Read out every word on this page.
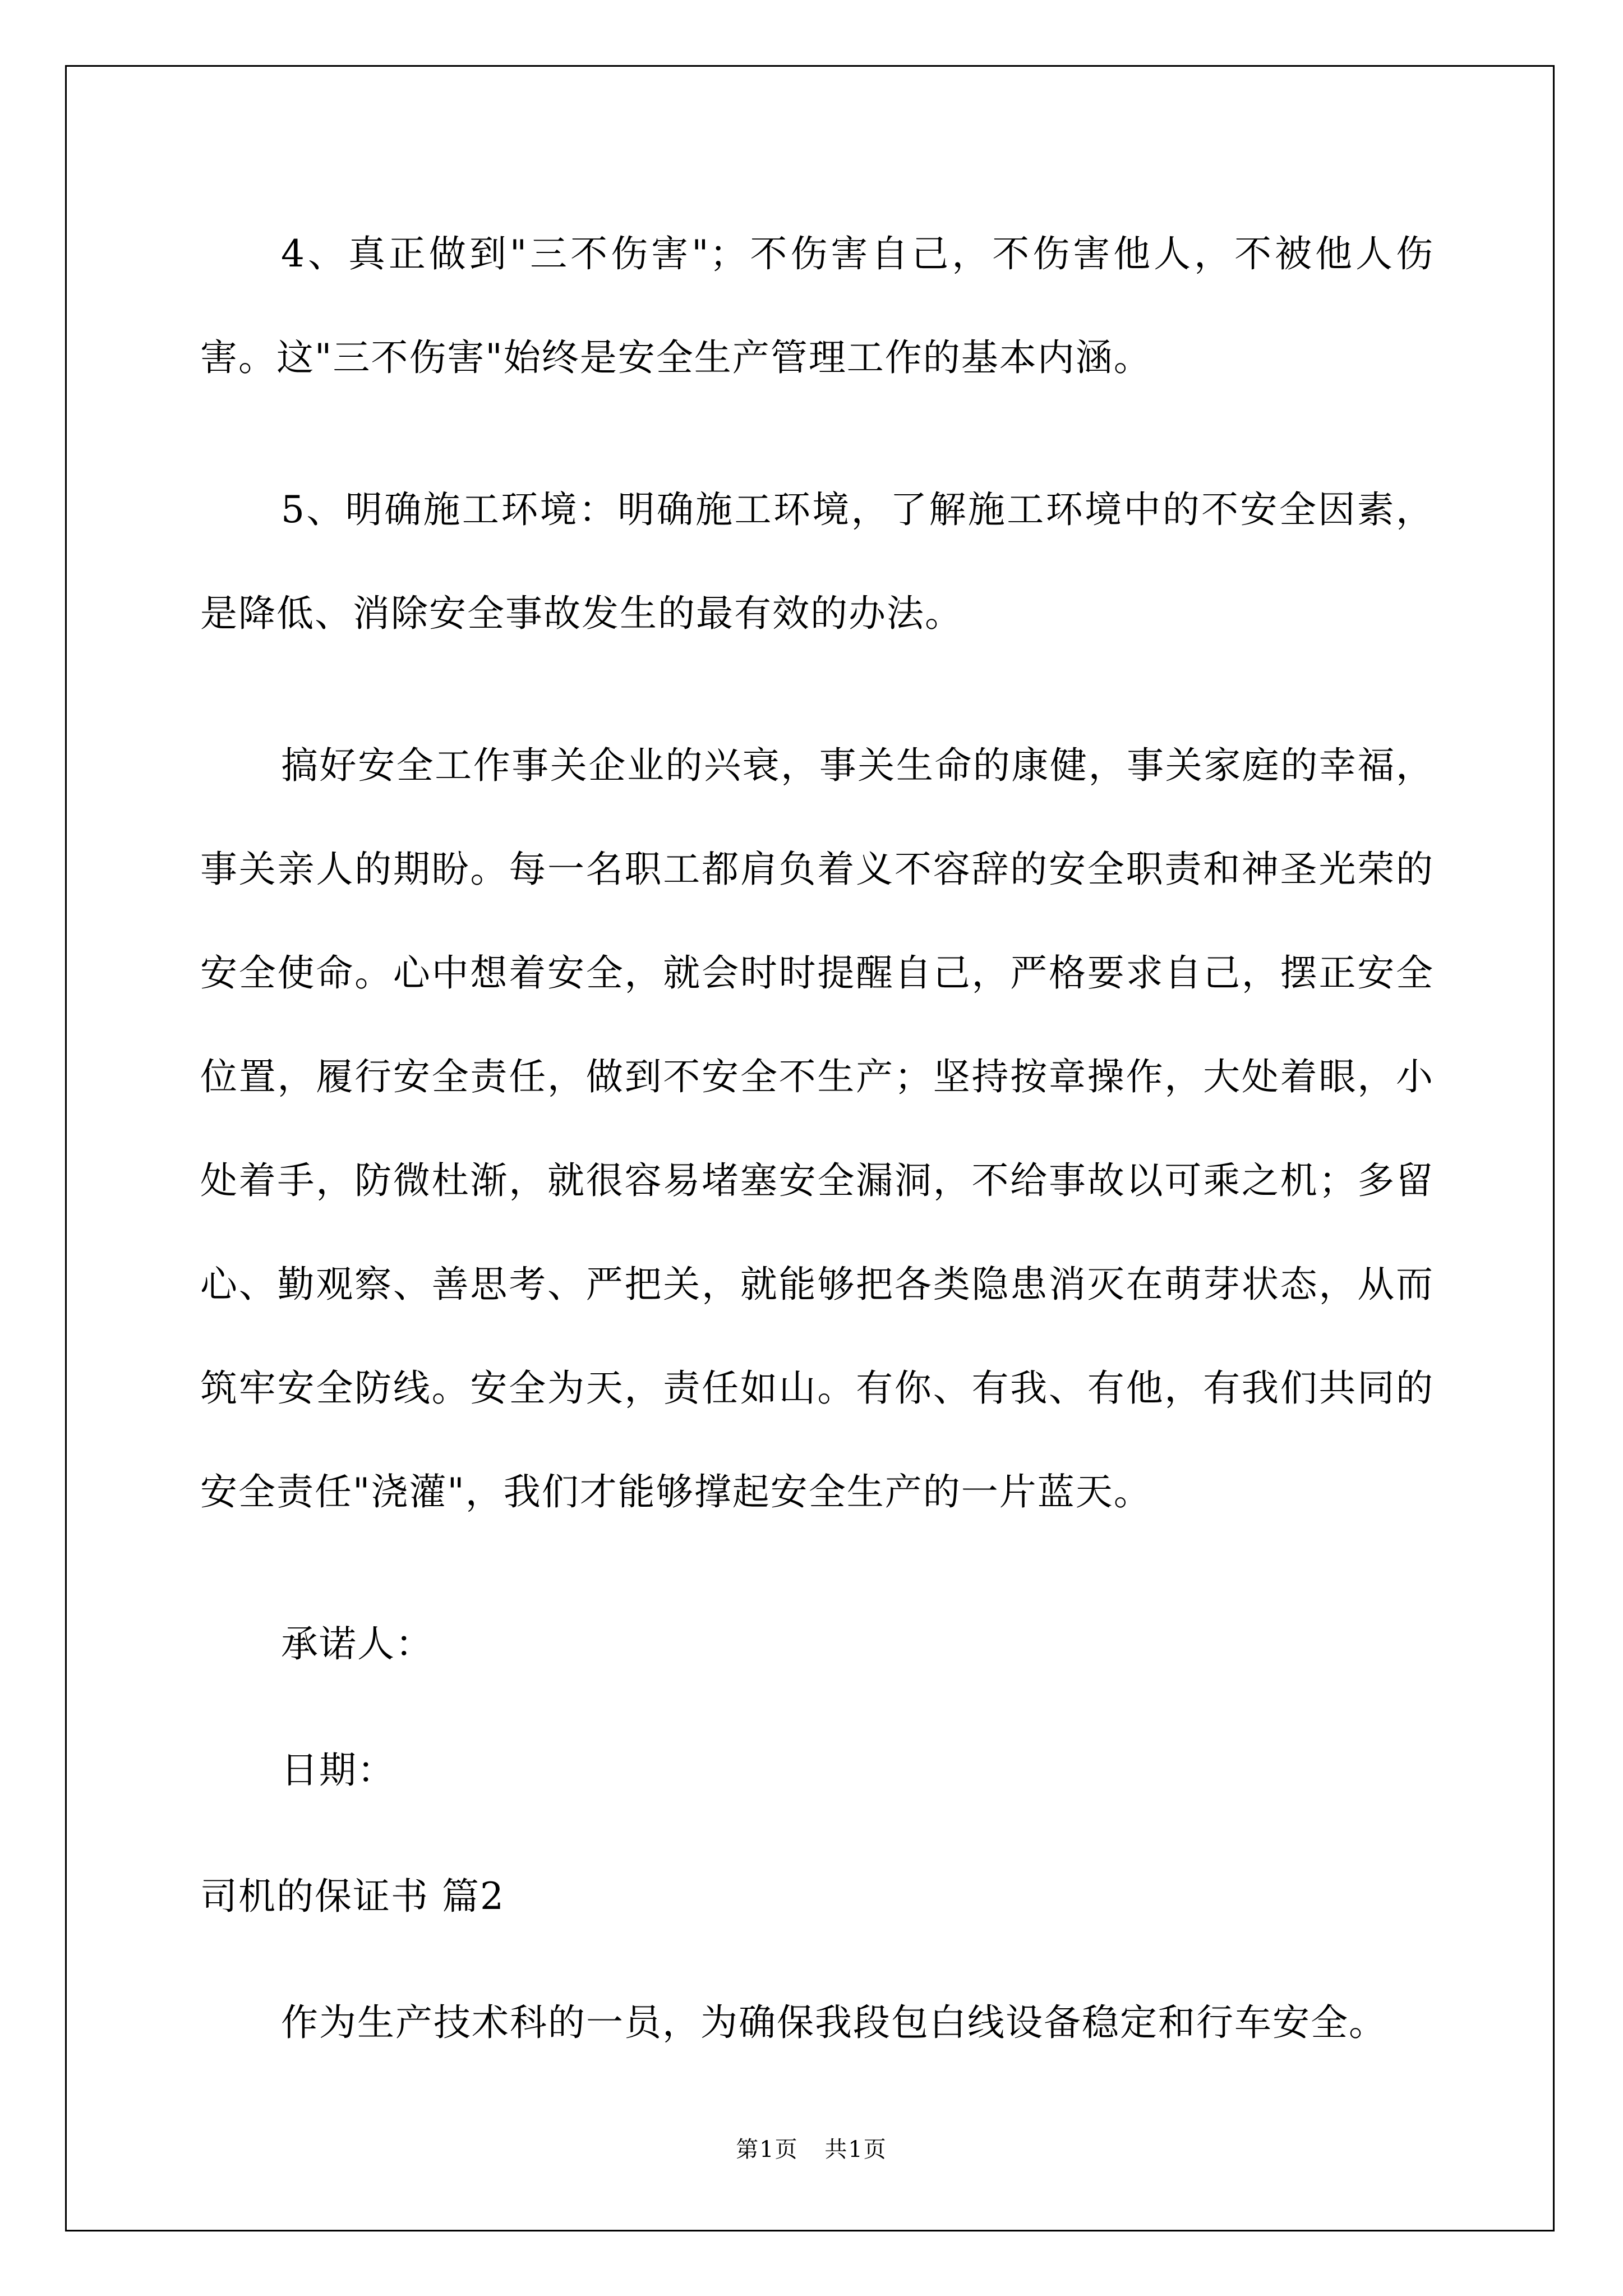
4、真正做到"三不伤害"；不伤害自己，不伤害他人，不被他人伤害。这"三不伤害"始终是安全生产管理工作的基本内涵。

5、明确施工环境：明确施工环境，了解施工环境中的不安全因素，是降低、消除安全事故发生的最有效的办法。

搞好安全工作事关企业的兴衰，事关生命的康健，事关家庭的幸福，事关亲人的期盼。每一名职工都肩负着义不容辞的安全职责和神圣光荣的安全使命。心中想着安全，就会时时提醒自己，严格要求自己，摆正安全位置，履行安全责任，做到不安全不生产；坚持按章操作，大处着眼，小处着手，防微杜渐，就很容易堵塞安全漏洞，不给事故以可乘之机；多留心、勤观察、善思考、严把关，就能够把各类隐患消灭在萌芽状态，从而筑牢安全防线。安全为天，责任如山。有你、有我、有他，有我们共同的安全责任"浇灌"，我们才能够撑起安全生产的一片蓝天。

承诺人：

日期：

司机的保证书 篇2

作为生产技术科的一员，为确保我段包白线设备稳定和行车安全。

第1页 共1页
